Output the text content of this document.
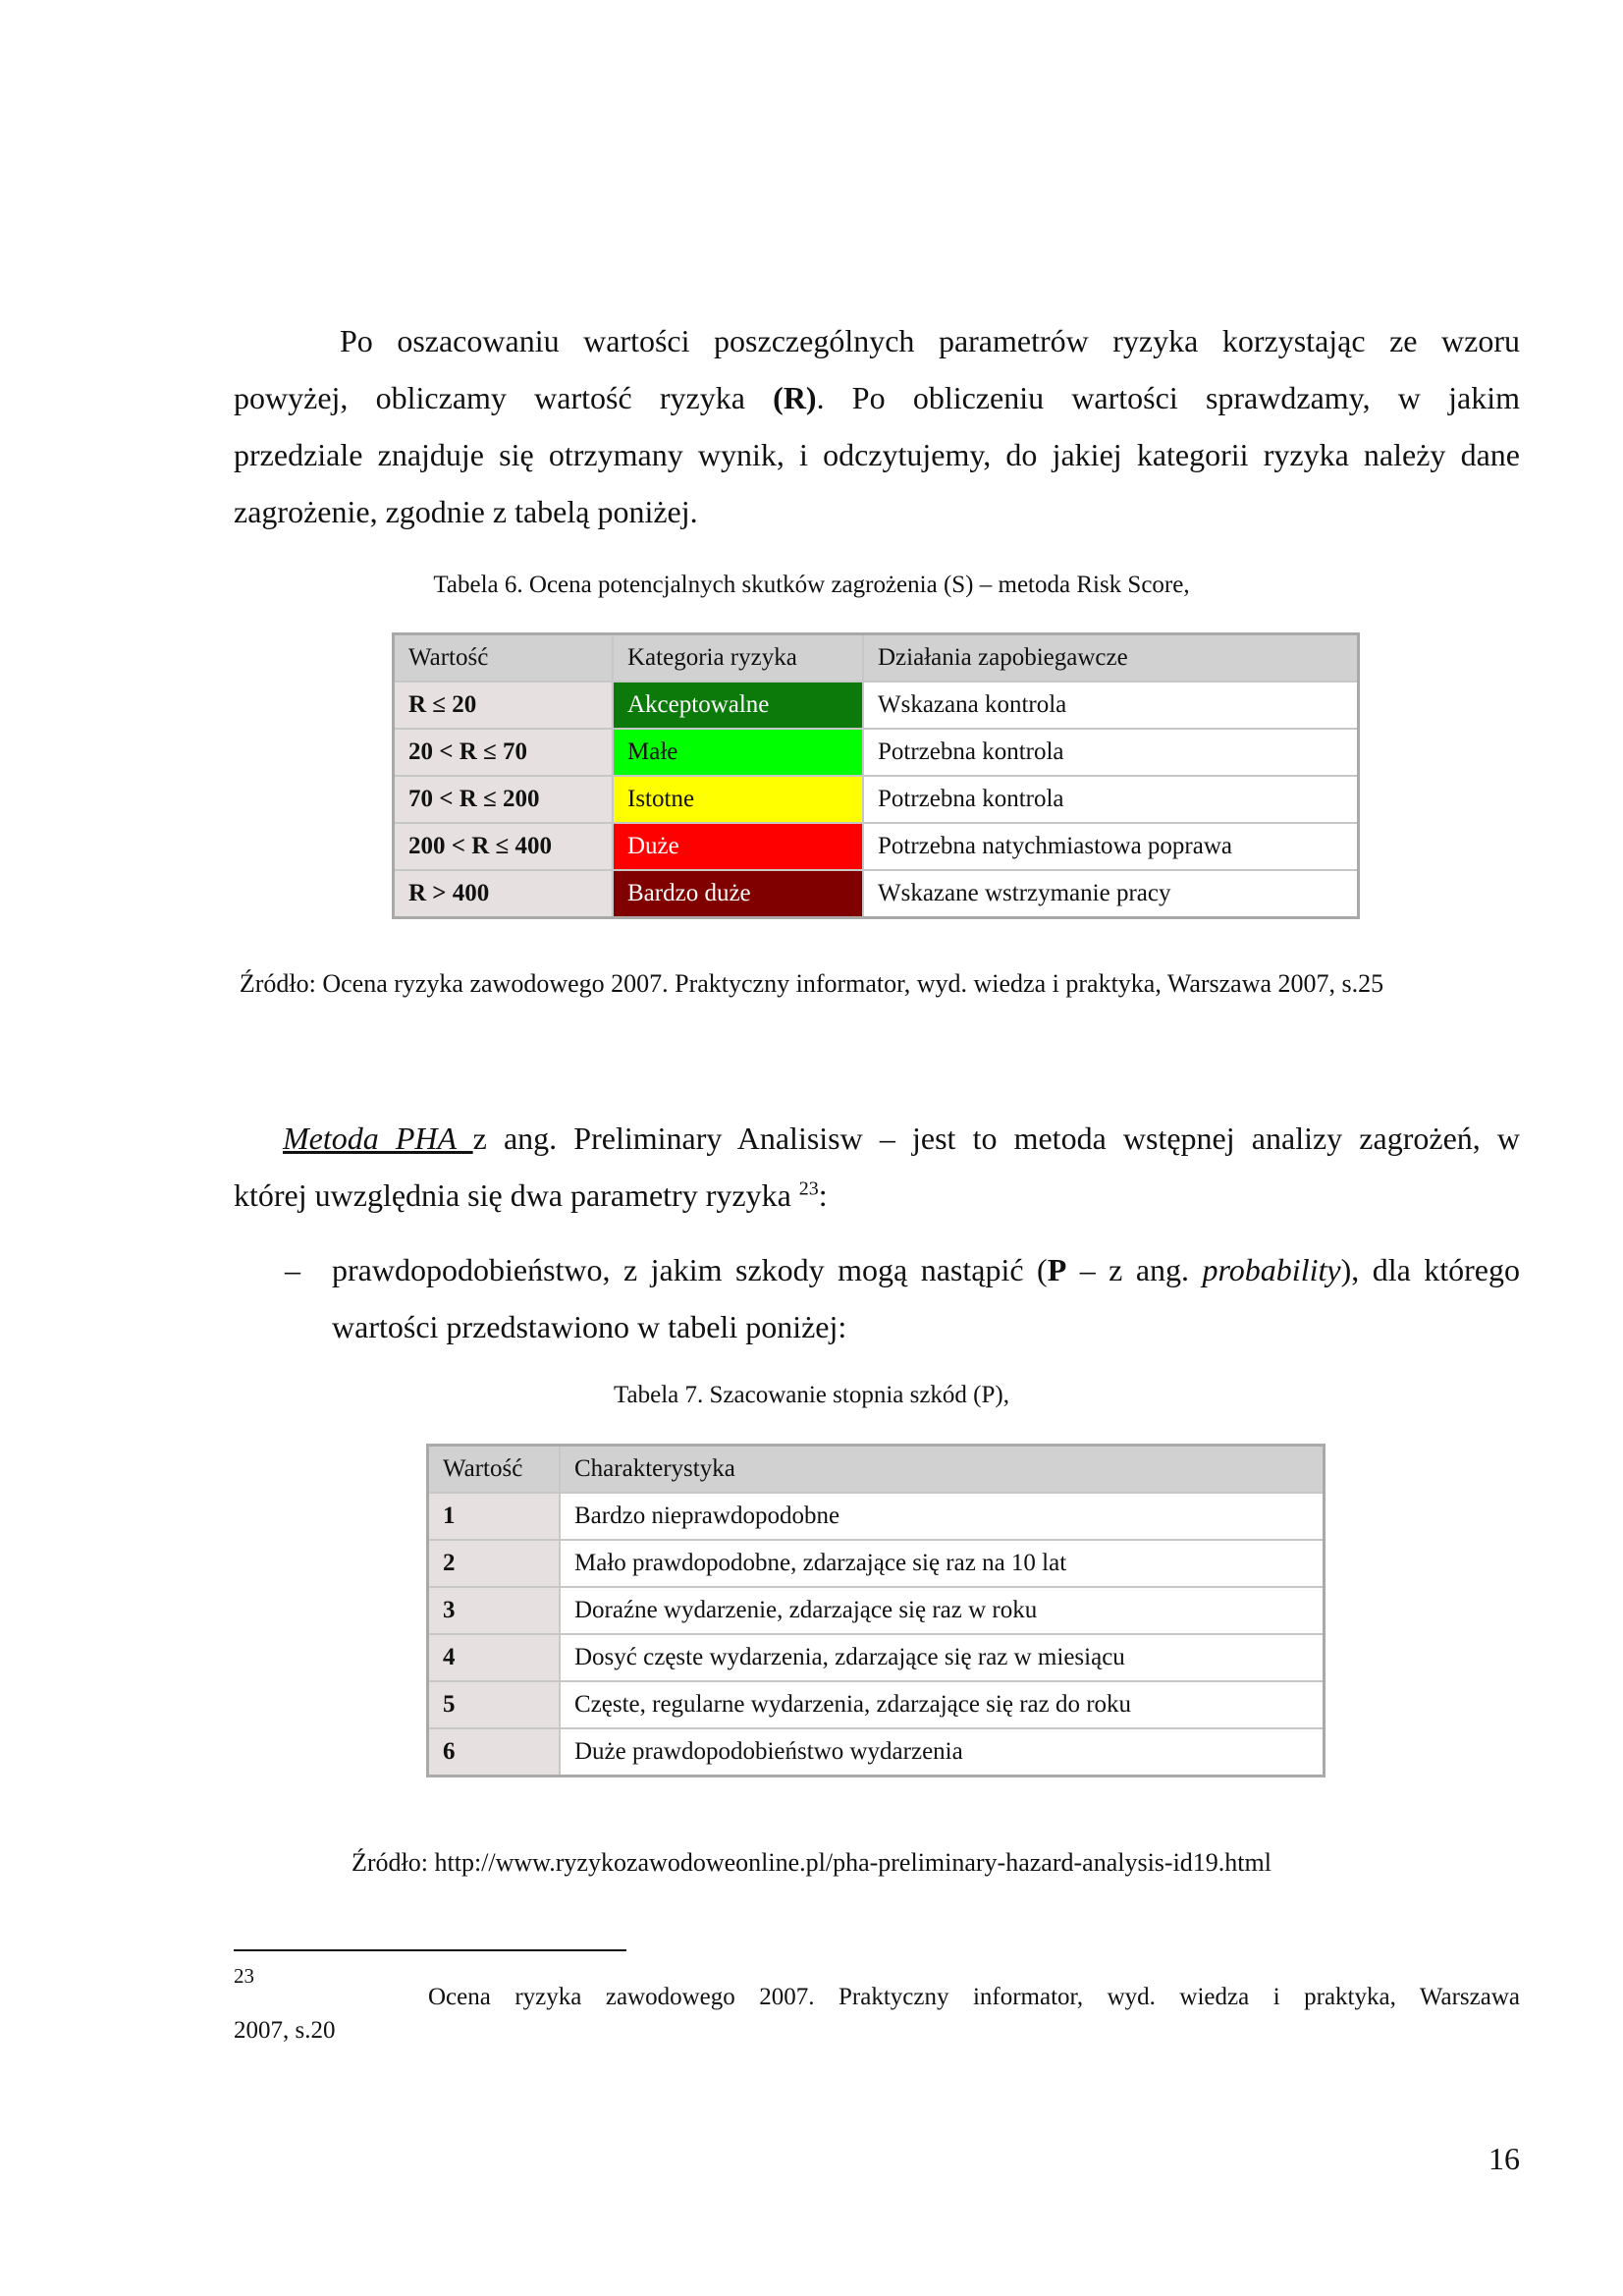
Po oszacowaniu wartości poszczególnych parametrów ryzyka korzystając ze wzoru
powyżej, obliczamy wartość ryzyka (R). Po obliczeniu wartości sprawdzamy, w jakim
przedziale znajduje się otrzymany wynik, i odczytujemy, do jakiej kategorii ryzyka należy dane
zagrożenie, zgodnie z tabelą poniżej.
Tabela 6. Ocena potencjalnych skutków zagrożenia (S) – metoda Risk Score,
Wartość	Kategoria ryzyka	Działania zapobiegawcze
R ≤ 20	Akceptowalne	Wskazana kontrola
20 < R ≤ 70	Małe	Potrzebna kontrola
70 < R ≤ 200	Istotne	Potrzebna kontrola
200 < R ≤ 400	Duże	Potrzebna natychmiastowa poprawa
R > 400	Bardzo duże	Wskazane wstrzymanie pracy
Źródło: Ocena ryzyka zawodowego 2007. Praktyczny informator, wyd. wiedza i praktyka, Warszawa 2007, s.25
Metoda PHA z ang. Preliminary Analisisw – jest to metoda wstępnej analizy zagrożeń, w
której uwzględnia się dwa parametry ryzyka $^{23}$:
– prawdopodobieństwo, z jakim szkody mogą nastąpić (P – z ang. probability), dla którego
wartości przedstawiono w tabeli poniżej:
Tabela 7. Szacowanie stopnia szkód (P),
Wartość	Charakterystyka
1	Bardzo nieprawdopodobne
2	Mało prawdopodobne, zdarzające się raz na 10 lat
3	Doraźne wydarzenie, zdarzające się raz w roku
4	Dosyć częste wydarzenia, zdarzające się raz w miesiącu
5	Częste, regularne wydarzenia, zdarzające się raz do roku
6	Duże prawdopodobieństwo wydarzenia
Źródło: http://www.ryzykozawodoweonline.pl/pha-preliminary-hazard-analysis-id19.html
23
Ocena ryzyka zawodowego 2007. Praktyczny informator, wyd. wiedza i praktyka, Warszawa
2007, s.20
16
